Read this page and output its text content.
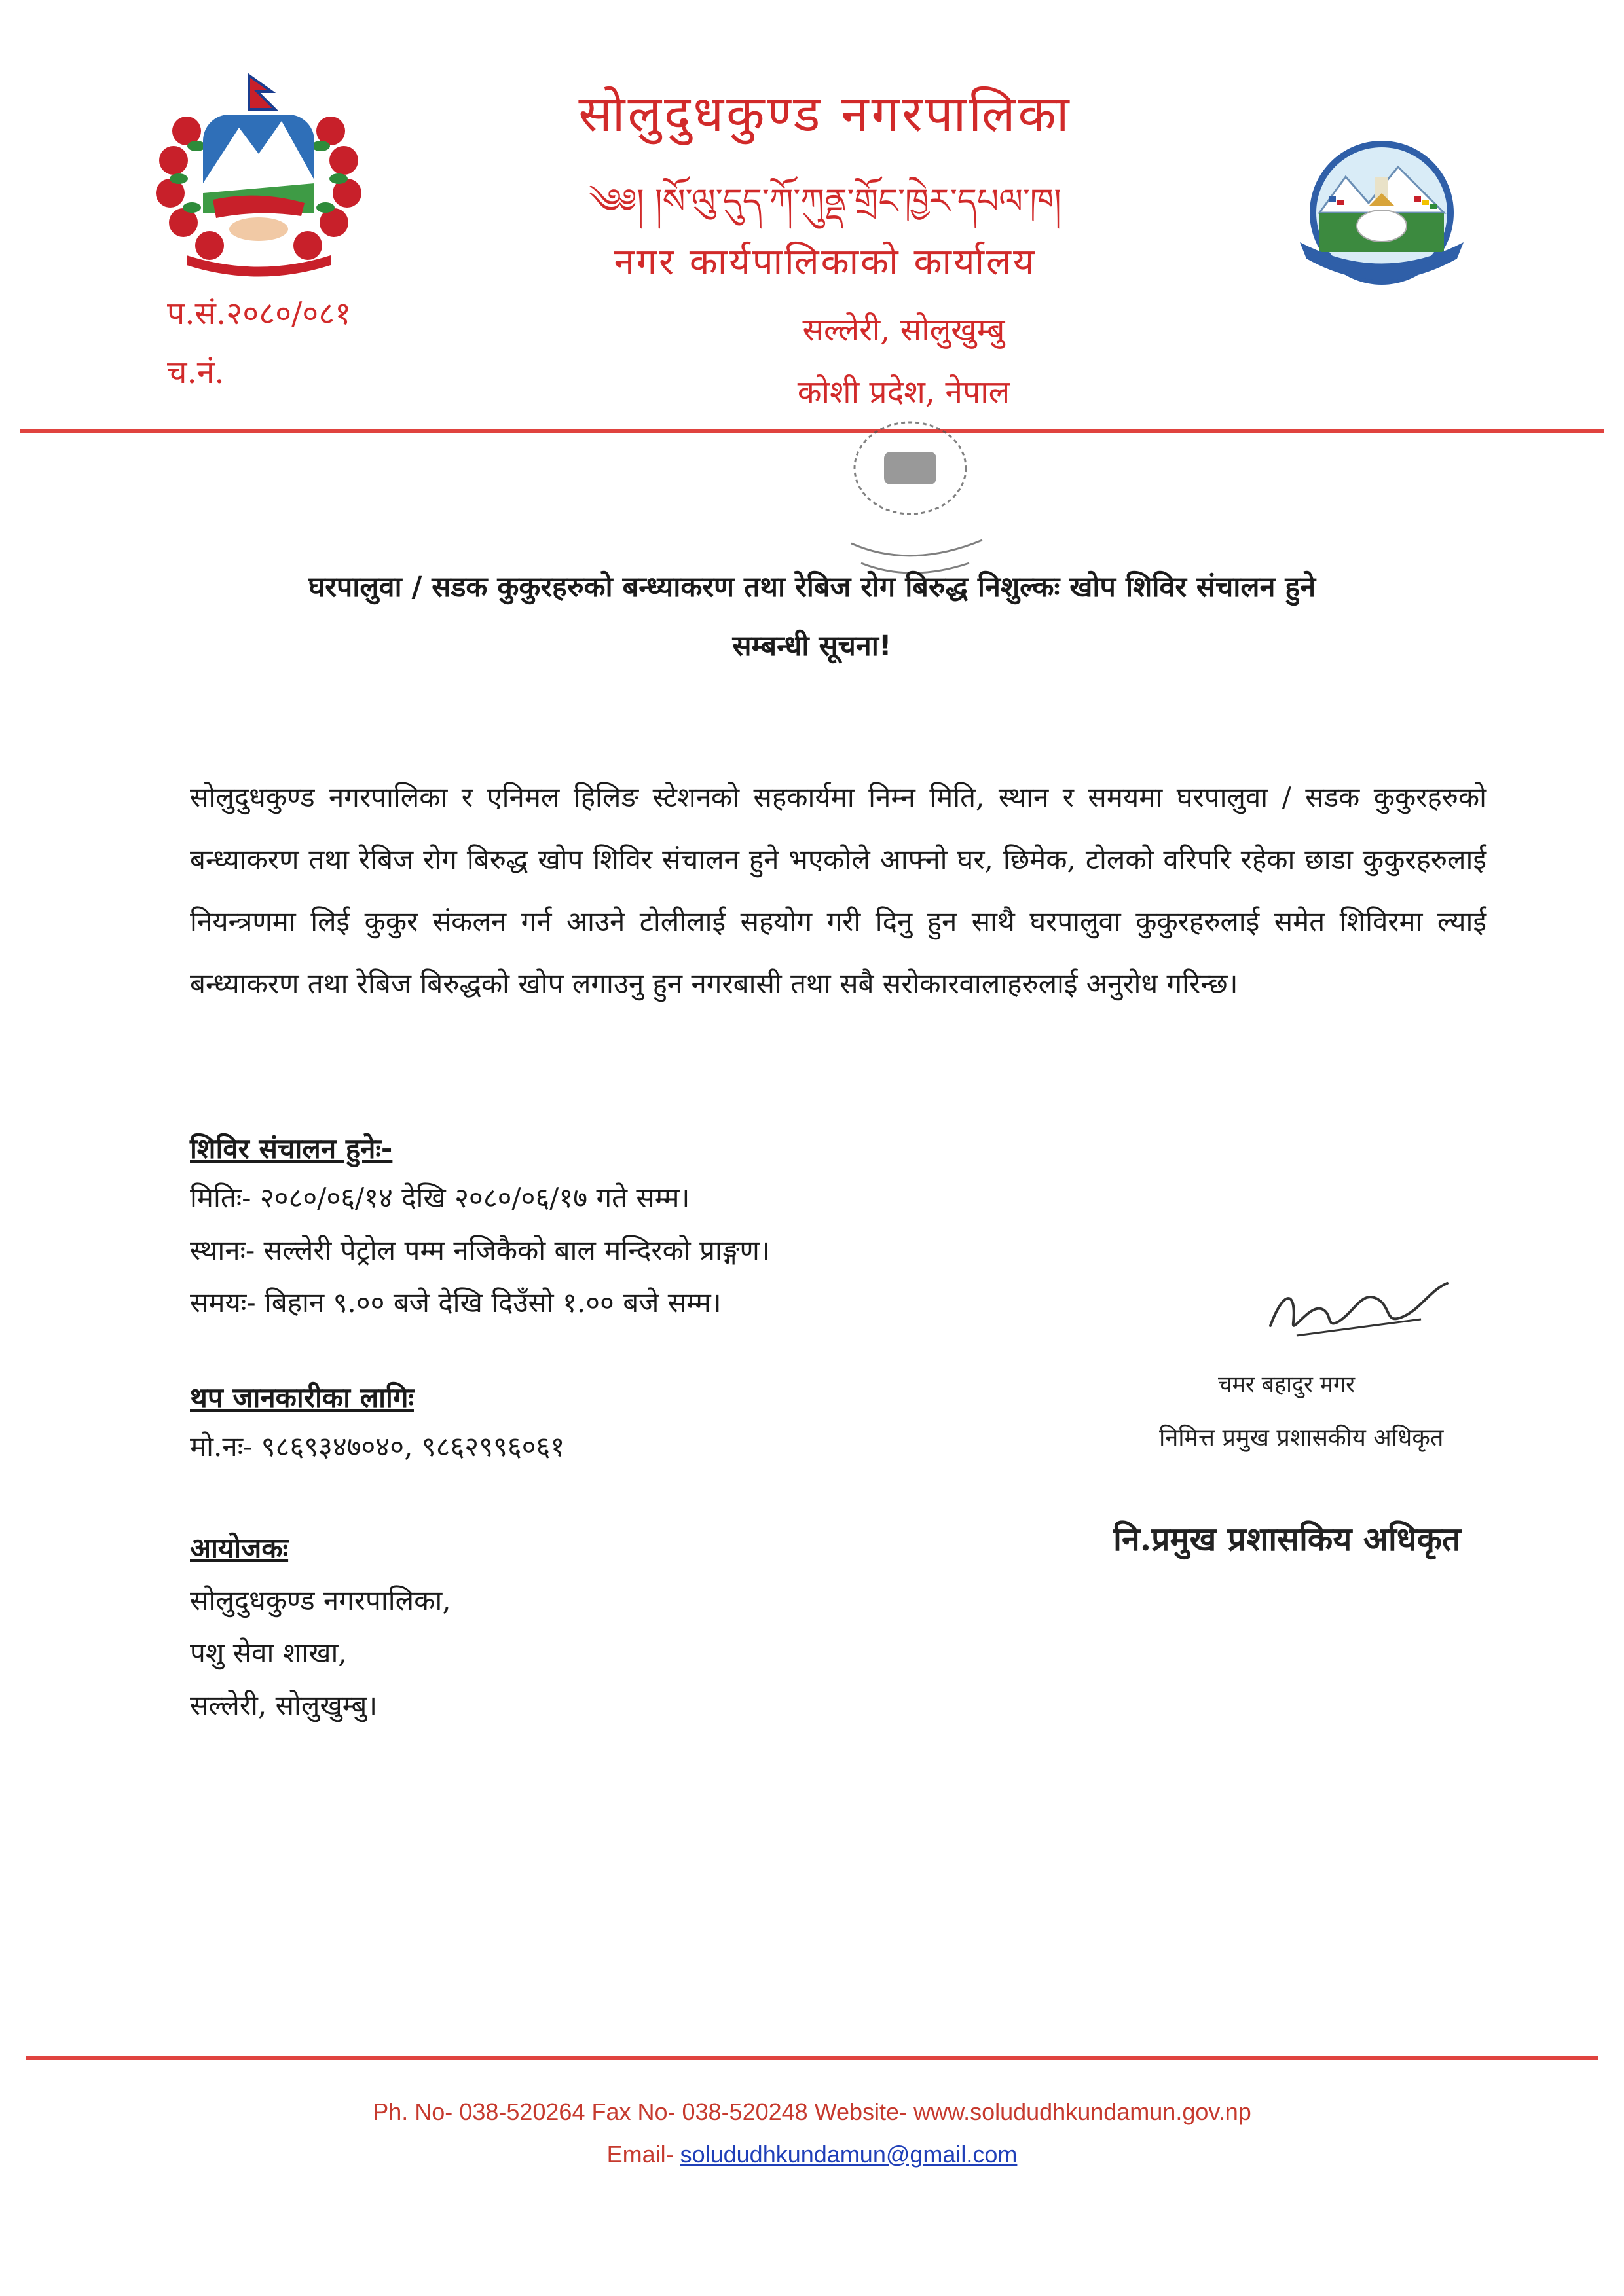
सोलुदुधकुण्ड नगरपालिका
༄༅། །སོ་ལུ་དུད་ཀོ་ཀུནྡ་གྲོང་ཁྱེར་དཔལ་ཁ།
नगर कार्यपालिकाको कार्यालय
सल्लेरी, सोलुखुम्बु
कोशी प्रदेश, नेपाल
प.सं.२०८०/०८१
च.नं.
घरपालुवा / सडक कुकुरहरुको बन्ध्याकरण तथा रेबिज रोग बिरुद्ध निशुल्कः खोप शिविर संचालन हुने
सम्बन्धी सूचना!
सोलुदुधकुण्ड नगरपालिका र एनिमल हिलिङ स्टेशनको सहकार्यमा निम्न मिति, स्थान र समयमा घरपालुवा / सडक कुकुरहरुको बन्ध्याकरण तथा रेबिज रोग बिरुद्ध खोप शिविर संचालन हुने भएकोले आफ्नो घर, छिमेक, टोलको वरिपरि रहेका छाडा कुकुरहरुलाई नियन्त्रणमा लिई कुकुर संकलन गर्न आउने टोलीलाई सहयोग गरी दिनु हुन साथै घरपालुवा कुकुरहरुलाई समेत शिविरमा ल्याई बन्ध्याकरण तथा रेबिज बिरुद्धको खोप लगाउनु हुन नगरबासी तथा सबै सरोकारवालाहरुलाई अनुरोध गरिन्छ।
शिविर संचालन हुनेः-
मितिः- २०८०/०६/१४ देखि २०८०/०६/१७ गते सम्म।
स्थानः- सल्लेरी पेट्रोल पम्म नजिकैको बाल मन्दिरको प्राङ्गण।
समयः- बिहान ९.०० बजे देखि दिउँसो १.०० बजे सम्म।
थप जानकारीका लागिः
मो.नः- ९८६९३४७०४०, ९८६२९९६०६१
आयोजकः
सोलुदुधकुण्ड नगरपालिका,
पशु सेवा शाखा,
सल्लेरी, सोलुखुम्बु।
चमर बहादुर मगर
निमित्त प्रमुख प्रशासकीय अधिकृत
नि.प्रमुख प्रशासकिय अधिकृत
Ph. No- 038-520264 Fax No- 038-520248 Website- www.solududhkundamun.gov.np
Email- solududhkundamun@gmail.com
